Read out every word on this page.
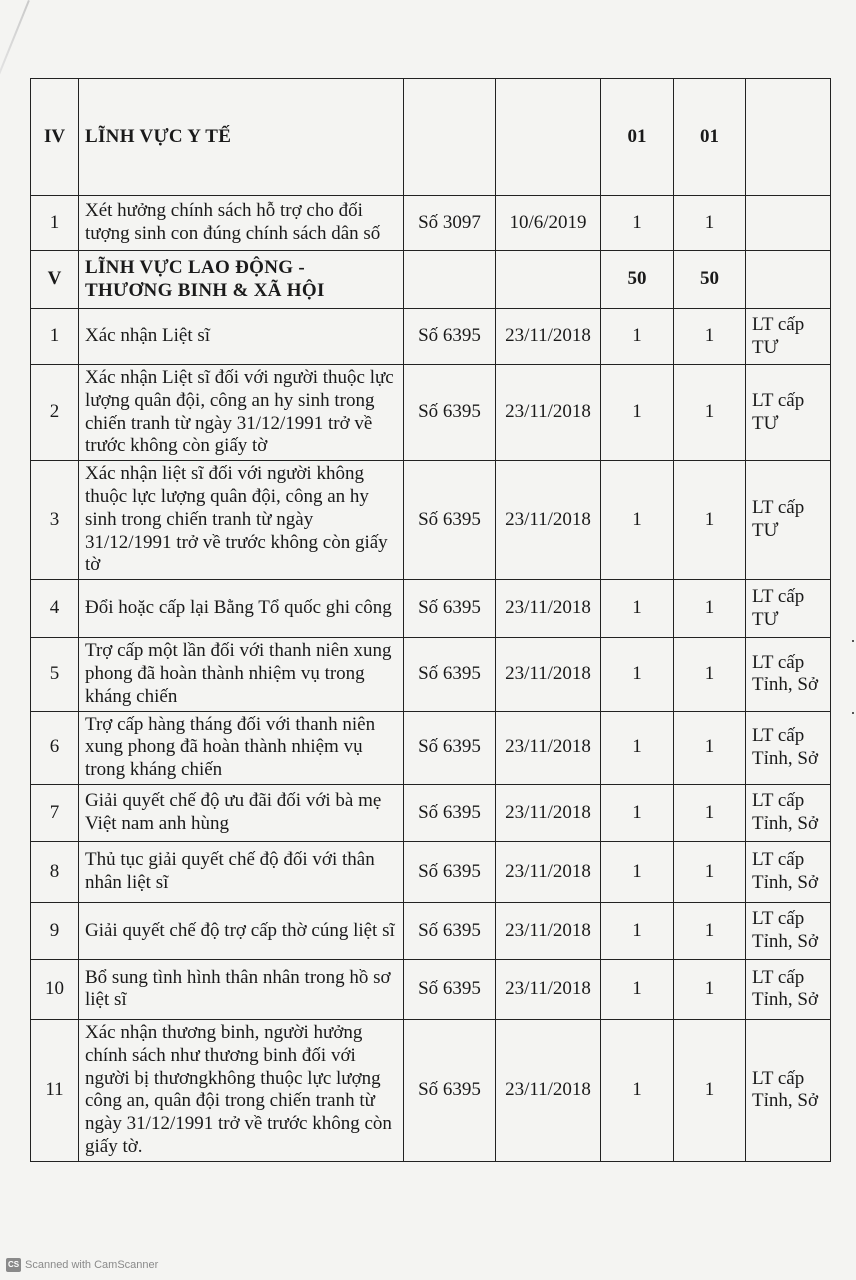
IV	LĨNH VỰC Y TẾ			01	01	
1	Xét hưởng chính sách hỗ trợ cho đối tượng sinh con đúng chính sách dân số	Số 3097	10/6/2019	1	1	
V	LĨNH VỰC LAO ĐỘNG - THƯƠNG BINH & XÃ HỘI			50	50	
1	Xác nhận Liệt sĩ	Số 6395	23/11/2018	1	1	LT cấp TƯ
2	Xác nhận Liệt sĩ đối với người thuộc lực lượng quân đội, công an hy sinh trong chiến tranh từ ngày 31/12/1991 trở về trước không còn giấy tờ	Số 6395	23/11/2018	1	1	LT cấp TƯ
3	Xác nhận liệt sĩ đối với người không thuộc lực lượng quân đội, công an hy sinh trong chiến tranh từ ngày 31/12/1991 trở về trước không còn giấy tờ	Số 6395	23/11/2018	1	1	LT cấp TƯ
4	Đổi hoặc cấp lại Bằng Tổ quốc ghi công	Số 6395	23/11/2018	1	1	LT cấp TƯ
5	Trợ cấp một lần đối với thanh niên xung phong đã hoàn thành nhiệm vụ trong kháng chiến	Số 6395	23/11/2018	1	1	LT cấp Tỉnh, Sở
6	Trợ cấp hàng tháng đối với thanh niên xung phong đã hoàn thành nhiệm vụ trong kháng chiến	Số 6395	23/11/2018	1	1	LT cấp Tỉnh, Sở
7	Giải quyết chế độ ưu đãi đối với bà mẹ Việt nam anh hùng	Số 6395	23/11/2018	1	1	LT cấp Tỉnh, Sở
8	Thủ tục giải quyết chế độ đối với thân nhân liệt sĩ	Số 6395	23/11/2018	1	1	LT cấp Tỉnh, Sở
9	Giải quyết chế độ trợ cấp thờ cúng liệt sĩ	Số 6395	23/11/2018	1	1	LT cấp Tỉnh, Sở
10	Bổ sung tình hình thân nhân trong hồ sơ liệt sĩ	Số 6395	23/11/2018	1	1	LT cấp Tỉnh, Sở
11	Xác nhận thương binh, người hưởng chính sách như thương binh đối với người bị thươngkhông thuộc lực lượng công an, quân đội trong chiến tranh từ ngày 31/12/1991 trở về trước không còn giấy tờ.	Số 6395	23/11/2018	1	1	LT cấp Tỉnh, Sở
CS Scanned with CamScanner
